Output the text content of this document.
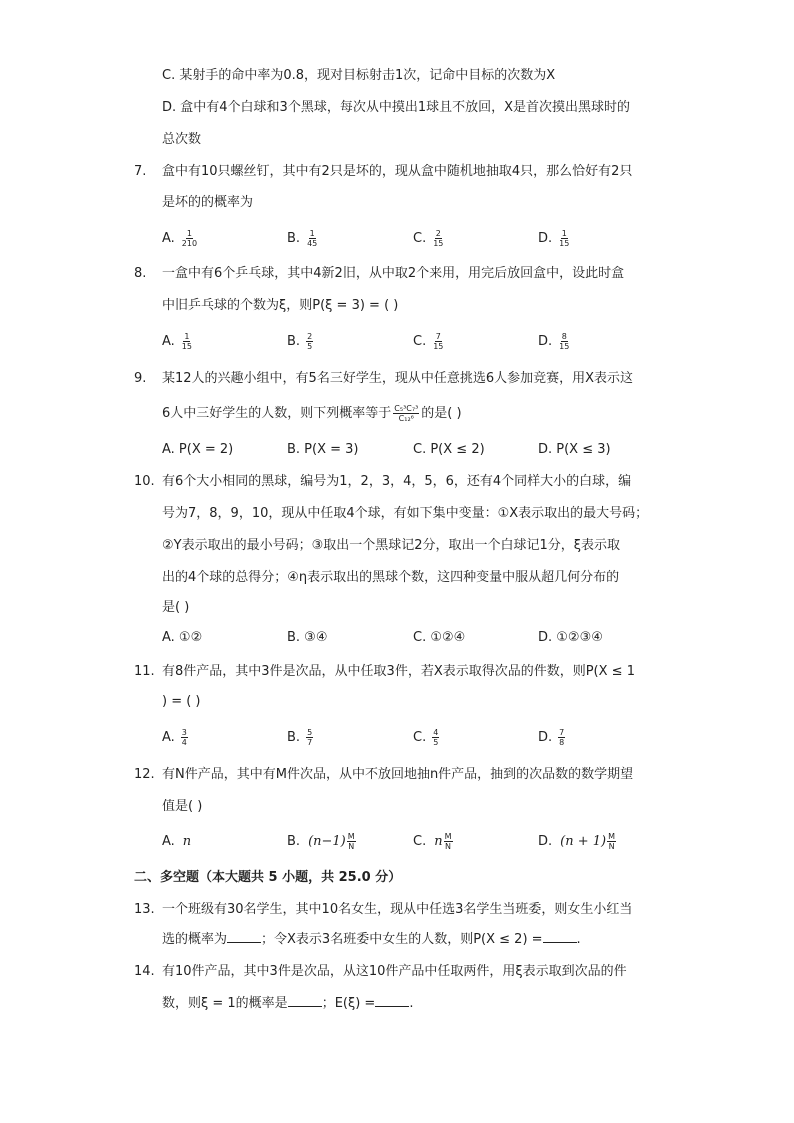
C. 某射手的命中率为0.8，现对目标射击1次，记命中目标的次数为X
D. 盒中有4个白球和3个黑球，每次从中摸出1球且不放回，X是首次摸出黑球时的
总次数
7. 盒中有10只螺丝钉，其中有2只是坏的，现从盒中随机地抽取4只，那么恰好有2只
是坏的的概率为
A. $\frac{1}{210}$	B. $\frac{1}{45}$	C. $\frac{2}{15}$	D. $\frac{1}{15}$
8. 一盒中有6个乒乓球，其中4新2旧，从中取2个来用，用完后放回盒中，设此时盒
中旧乒乓球的个数为ξ，则P(ξ = 3) = ( )
A. $\frac{1}{15}$	B. $\frac{2}{5}$	C. $\frac{7}{15}$	D. $\frac{8}{15}$
9. 某12人的兴趣小组中，有5名三好学生，现从中任意挑选6人参加竞赛，用X表示这
6人中三好学生的人数，则下列概率等于 $\frac{\text{C₅³C₇³}}{\text{C₁₂⁶}}$ 的是( )
A. P(X = 2)	B. P(X = 3)	C. P(X ≤ 2)	D. P(X ≤ 3)
10. 有6个大小相同的黑球，编号为1，2，3，4，5，6，还有4个同样大小的白球，编
号为7，8，9，10，现从中任取4个球，有如下集中变量：①X表示取出的最大号码；
②Y表示取出的最小号码；③取出一个黑球记2分，取出一个白球记1分，ξ表示取
出的4个球的总得分；④η表示取出的黑球个数，这四种变量中服从超几何分布的
是( )
A. ①②	B. ③④	C. ①②④	D. ①②③④
11. 有8件产品，其中3件是次品，从中任取3件，若X表示取得次品的件数，则P(X ≤ 1
) = ( )
A. $\frac{3}{4}$	B. $\frac{5}{7}$	C. $\frac{4}{5}$	D. $\frac{7}{8}$
12. 有N件产品，其中有M件次品，从中不放回地抽n件产品，抽到的次品数的数学期望
值是( )
A. n	B. $(n-1) \frac{M}{N}$	C. n $\frac{M}{N}$	D. $(n + 1) \frac{M}{N}$
二、多空题（本大题共 5 小题，共 25.0 分）
13. 一个班级有30名学生，其中10名女生，现从中任选3名学生当班委，则女生小红当
选的概率为	；令X表示3名班委中女生的人数，则P(X ≤ 2) =	.
14. 有10件产品，其中3件是次品，从这10件产品中任取两件，用ξ表示取到次品的件
数，则ξ = 1的概率是	；E(ξ) =	.
